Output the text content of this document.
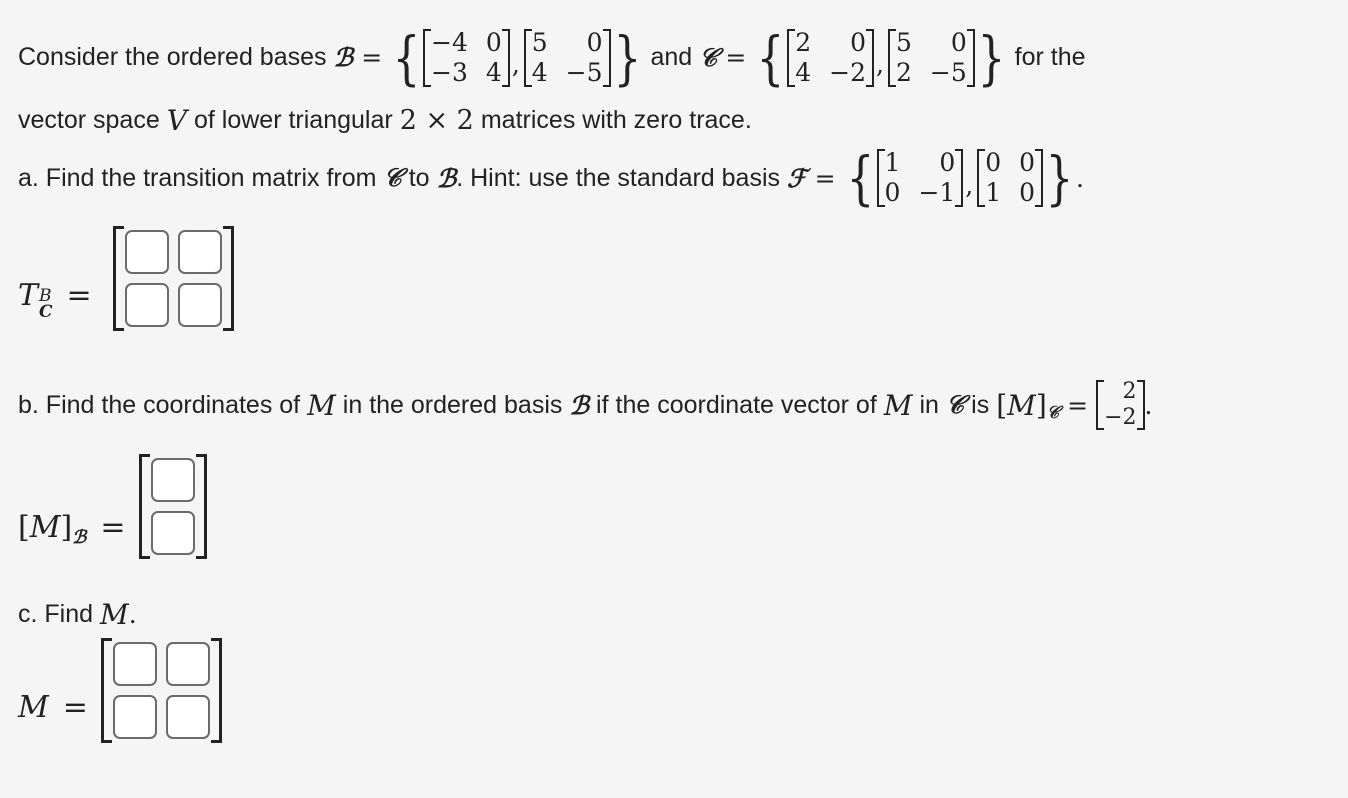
Consider the ordered bases ℬ = { −4 0
−3 4 ,
5	0
4 −5 } and 𝒞 = { 2	0
4 −2 ,
5	0
2 −5 } for the
vector space V of lower triangular 2 × 2 matrices with zero trace.
a. Find the transition matrix from 𝒞 to ℬ . Hint: use the standard basis ℱ = { 1	0
0 −1 ,
0 0
1 0 } .
T B
C =
b. Find the coordinates of M in the ordered basis ℬ if the coordinate vector of M in 𝒞 is [ M ] 𝒞 =	2
−2 .
[ M ] ℬ =
c. Find M .
M =
